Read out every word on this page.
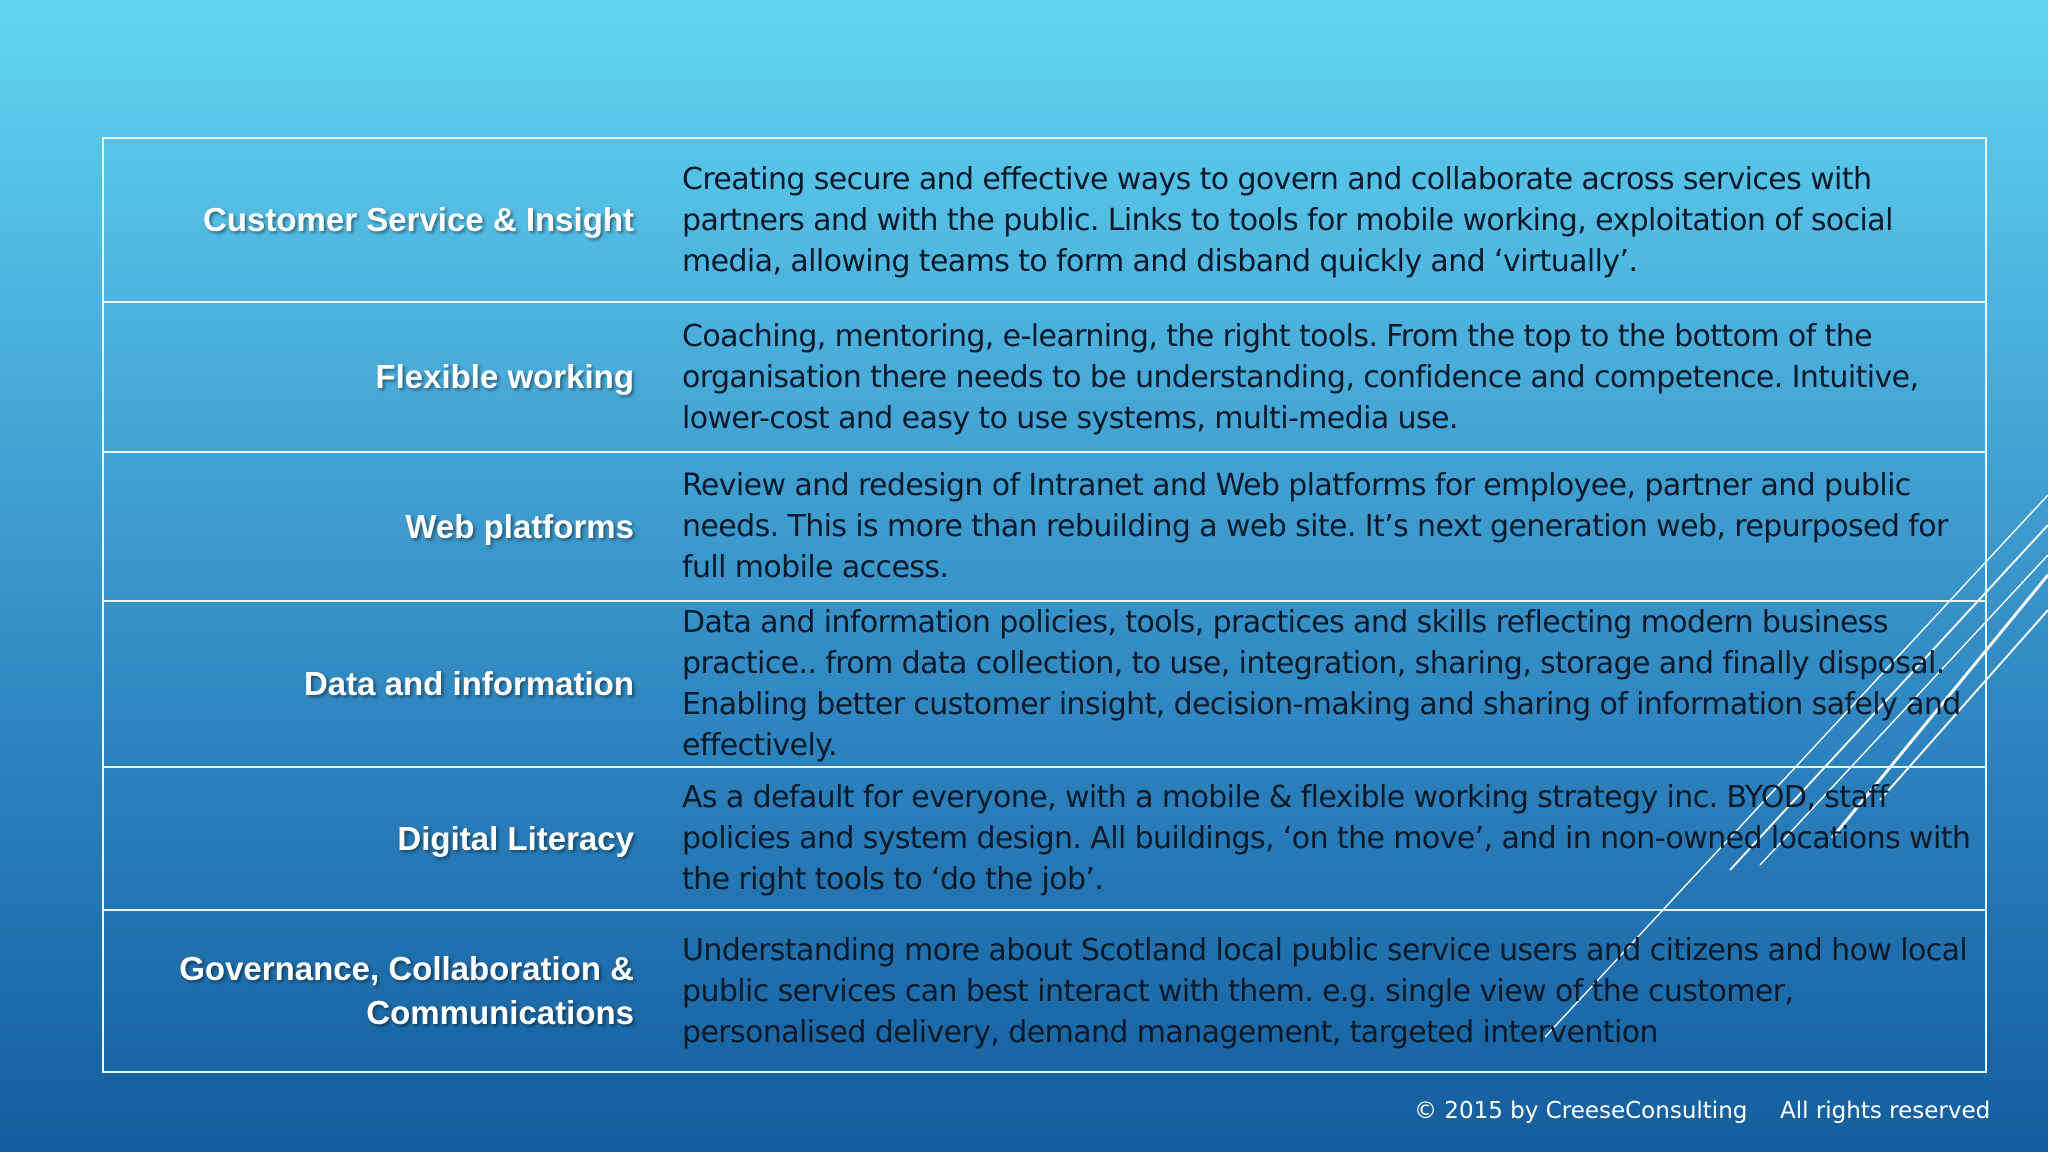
Customer Service & Insight	Creating secure and effective ways to govern and collaborate across services with partners and with the public. Links to tools for mobile working, exploitation of social media, allowing teams to form and disband quickly and ‘virtually’.
Flexible working	Coaching, mentoring, e-learning, the right tools. From the top to the bottom of the organisation there needs to be understanding, confidence and competence. Intuitive, lower-cost and easy to use systems, multi-media use.
Web platforms	Review and redesign of Intranet and Web platforms for employee, partner and public needs. This is more than rebuilding a web site. It’s next generation web, repurposed for full mobile access.
Data and information	Data and information policies, tools, practices and skills reflecting modern business practice.. from data collection, to use, integration, sharing, storage and finally disposal. Enabling better customer insight, decision-making and sharing of information safely and effectively.
Digital Literacy	As a default for everyone, with a mobile & flexible working strategy inc. BYOD, staff policies and system design. All buildings, ‘on the move’, and in non-owned locations with the right tools to ‘do the job’.
Governance, Collaboration & Communications	Understanding more about Scotland local public service users and citizens and how local public services can best interact with them. e.g. single view of the customer, personalised delivery, demand management, targeted intervention
© 2015 by CreeseConsulting All rights reserved
